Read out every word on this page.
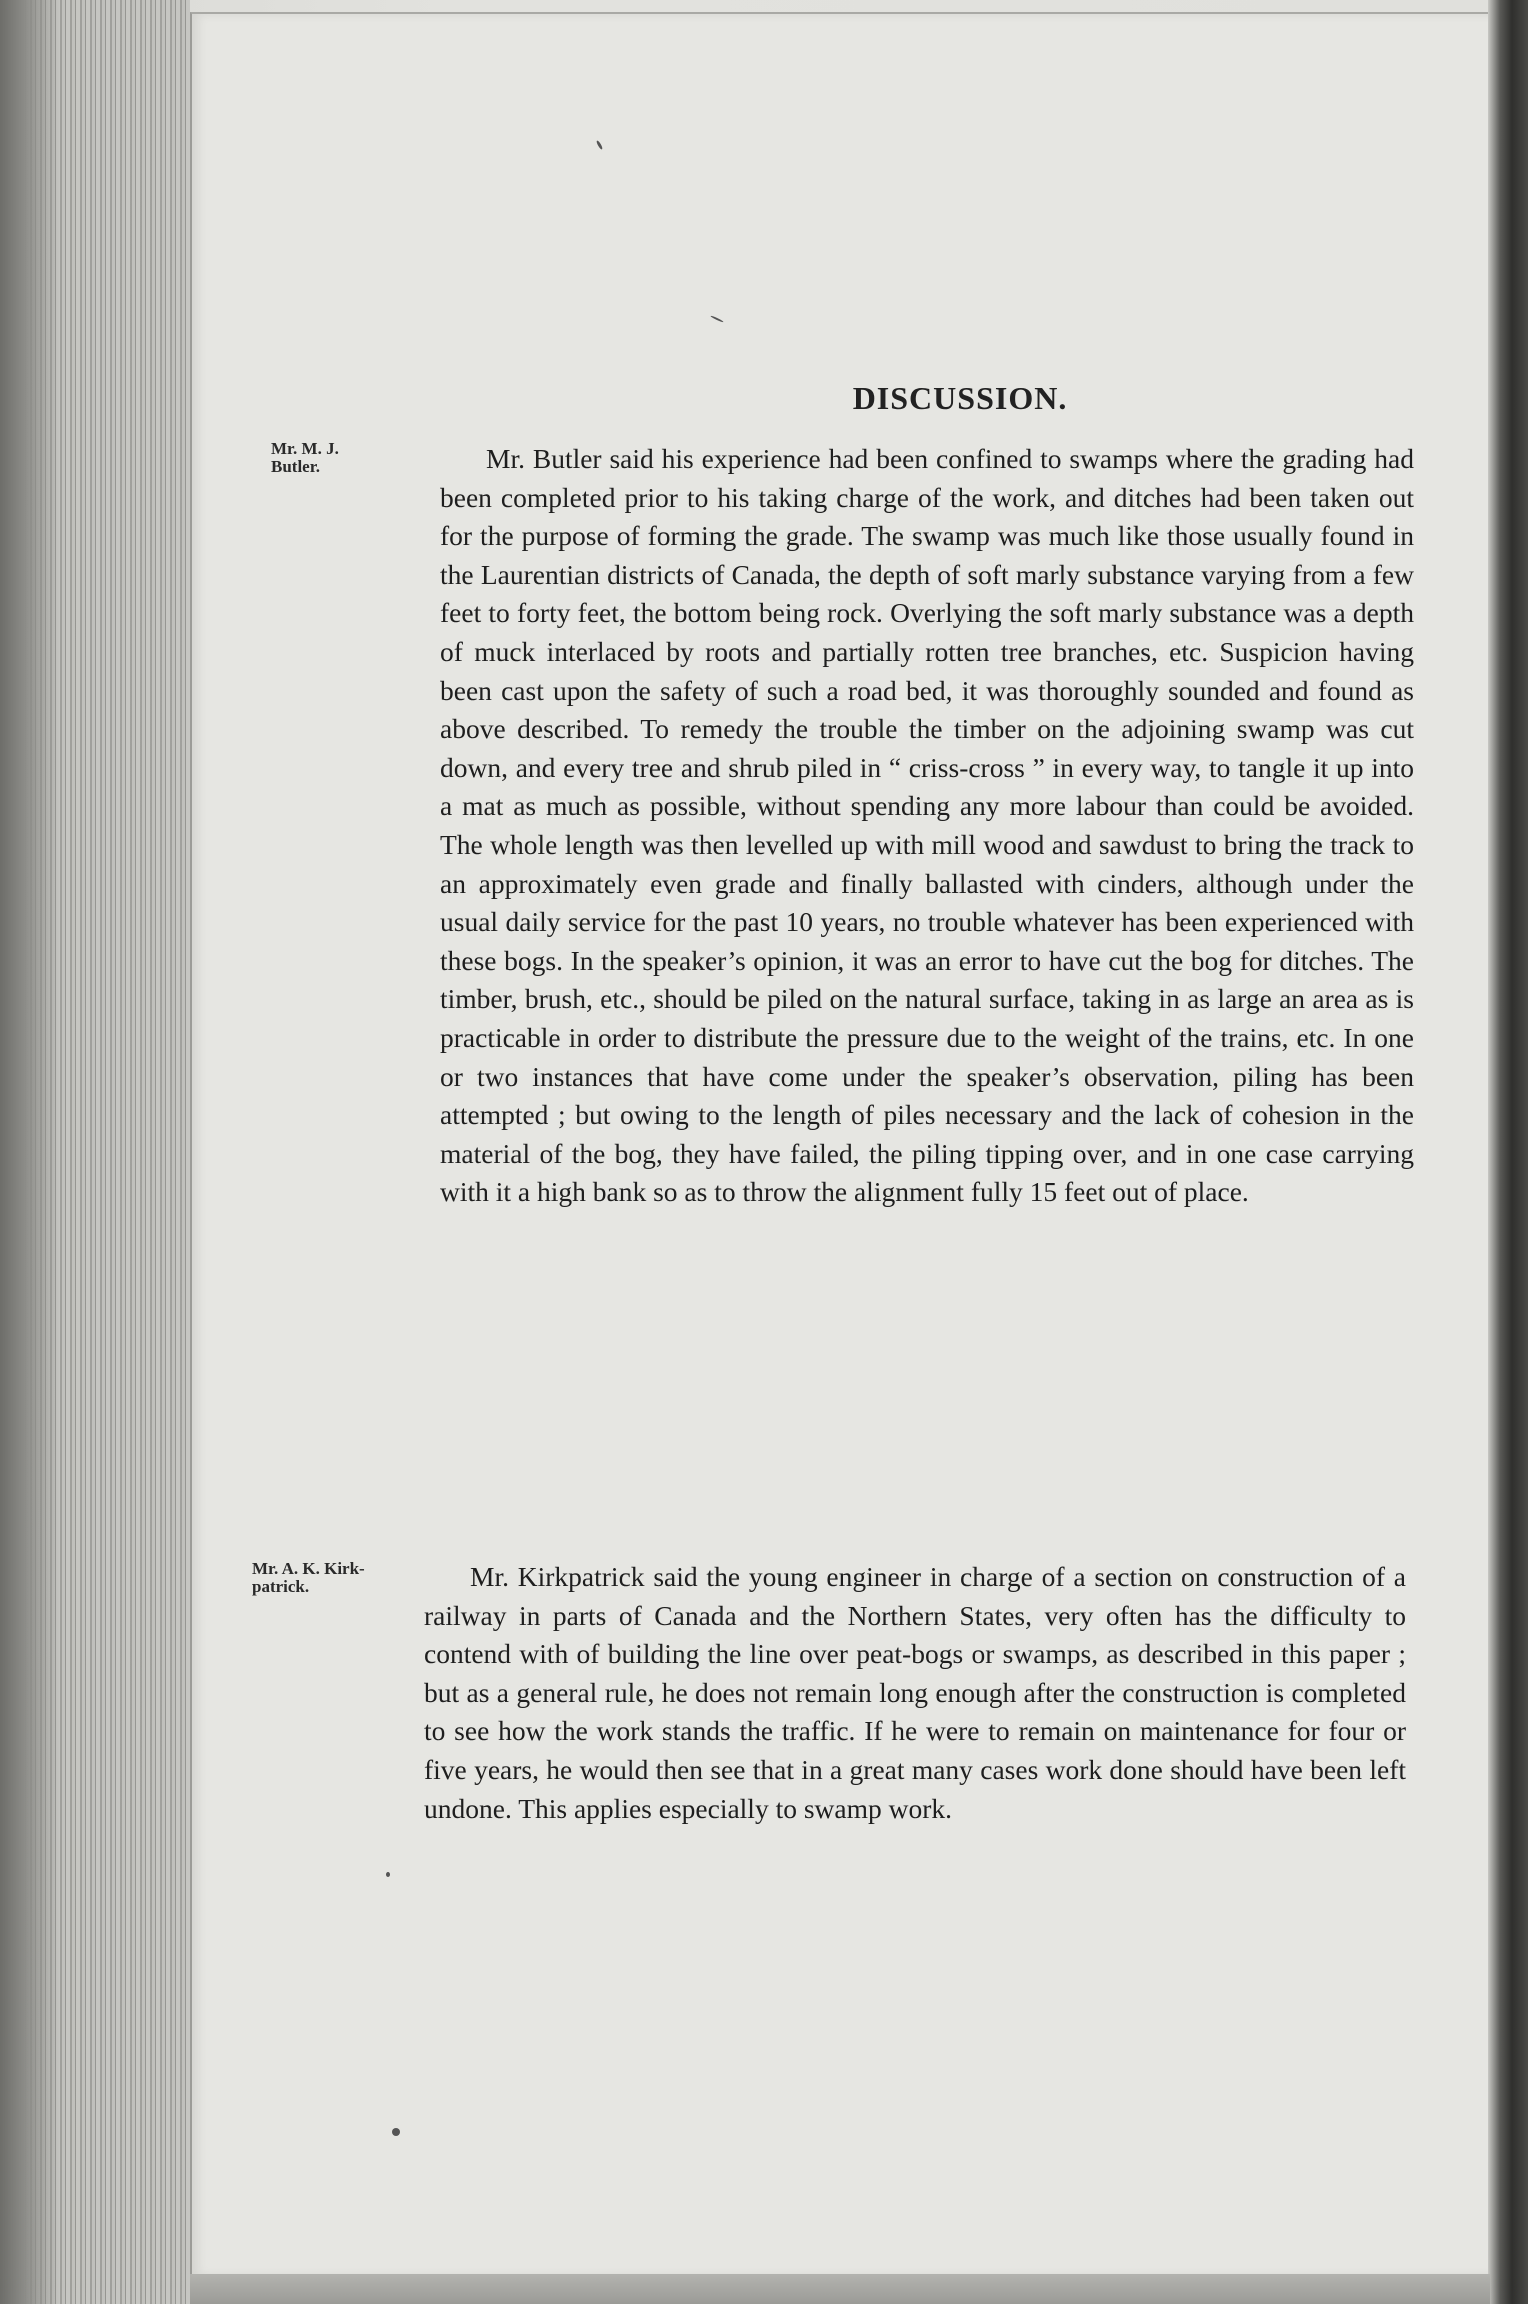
DISCUSSION.
Mr. M. J.
Butler.	Mr. Butler said his experience had been confined to swamps where the grading had been completed prior to his taking charge of the work, and ditches had been taken out for the purpose of forming the grade. The swamp was much like those usually found in the Laurentian districts of Canada, the depth of soft marly substance varying from a few feet to forty feet, the bottom being rock. Overlying the soft marly substance was a depth of muck interlaced by roots and partially rotten tree branches, etc. Suspicion having been cast upon the safety of such a road bed, it was thoroughly sounded and found as above described. To remedy the trouble the timber on the adjoining swamp was cut down, and every tree and shrub piled in “ criss-cross ” in every way, to tangle it up into a mat as much as possible, without spending any more labour than could be avoided. The whole length was then levelled up with mill wood and sawdust to bring the track to an approximately even grade and finally ballasted with cinders, although under the usual daily service for the past 10 years, no trouble whatever has been experienced with these bogs. In the speaker’s opinion, it was an error to have cut the bog for ditches. The timber, brush, etc., should be piled on the natural surface, taking in as large an area as is practicable in order to distribute the pressure due to the weight of the trains, etc. In one or two instances that have come under the speaker’s observation, piling has been attempted ; but owing to the length of piles necessary and the lack of cohesion in the material of the bog, they have failed, the piling tipping over, and in one case carrying with it a high bank so as to throw the alignment fully 15 feet out of place.

Mr. A. K. Kirk-
patrick.	Mr. Kirkpatrick said the young engineer in charge of a section on construction of a railway in parts of Canada and the Northern States, very often has the difficulty to contend with of building the line over peat-bogs or swamps, as described in this paper ; but as a general rule, he does not remain long enough after the construction is completed to see how the work stands the traffic. If he were to remain on maintenance for four or five years, he would then see that in a great many cases work done should have been left undone. This applies especially to swamp work.
